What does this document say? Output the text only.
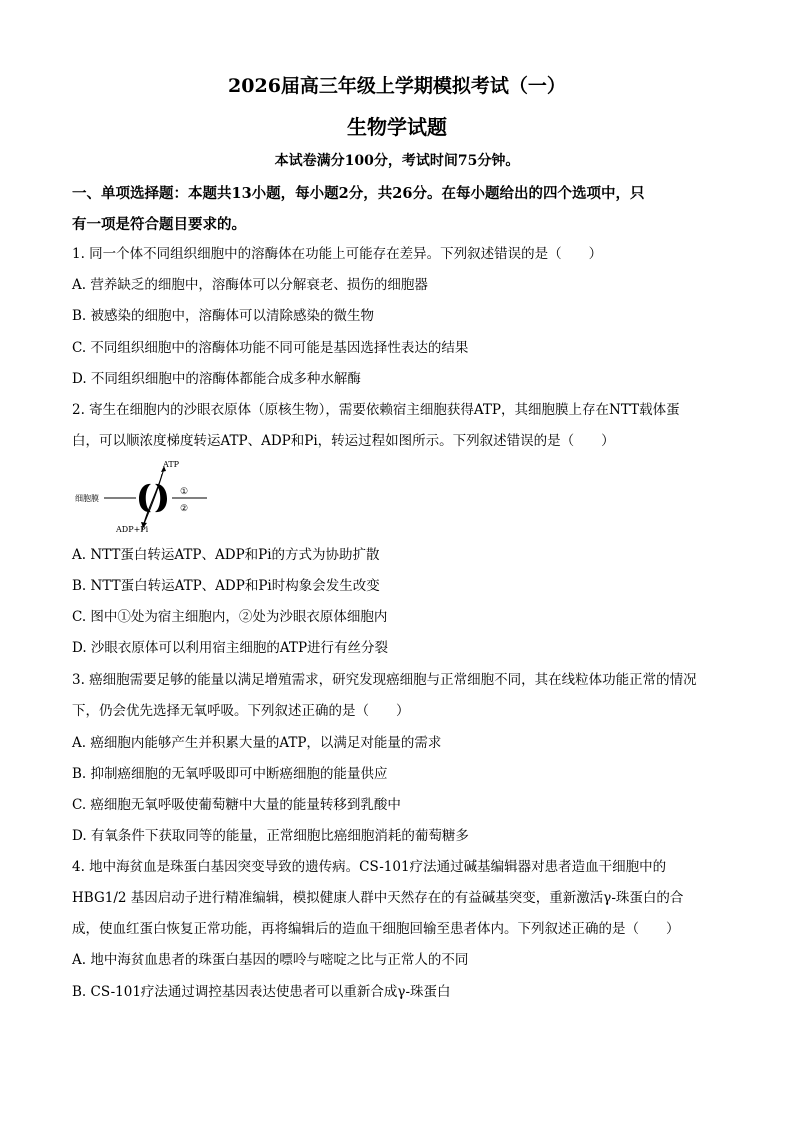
2026届高三年级上学期模拟考试（一）
生物学试题
本试卷满分100分，考试时间75分钟。
一、单项选择题：本题共13小题，每小题2分，共26分。在每小题给出的四个选项中，只
有一项是符合题目要求的。
1. 同一个体不同组织细胞中的溶酶体在功能上可能存在差异。下列叙述错误的是（　　）
A. 营养缺乏的细胞中，溶酶体可以分解衰老、损伤的细胞器
B. 被感染的细胞中，溶酶体可以清除感染的微生物
C. 不同组织细胞中的溶酶体功能不同可能是基因选择性表达的结果
D. 不同组织细胞中的溶酶体都能合成多种水解酶
2. 寄生在细胞内的沙眼衣原体（原核生物），需要依赖宿主细胞获得ATP，其细胞膜上存在NTT载体蛋
白，可以顺浓度梯度转运ATP、ADP和Pi，转运过程如图所示。下列叙述错误的是（　　）
细胞膜
ATP
ADP+Pi
①
②
A. NTT蛋白转运ATP、ADP和Pi的方式为协助扩散
B. NTT蛋白转运ATP、ADP和Pi时构象会发生改变
C. 图中①处为宿主细胞内，②处为沙眼衣原体细胞内
D. 沙眼衣原体可以利用宿主细胞的ATP进行有丝分裂
3. 癌细胞需要足够的能量以满足增殖需求，研究发现癌细胞与正常细胞不同，其在线粒体功能正常的情况
下，仍会优先选择无氧呼吸。下列叙述正确的是（　　）
A. 癌细胞内能够产生并积累大量的ATP，以满足对能量的需求
B. 抑制癌细胞的无氧呼吸即可中断癌细胞的能量供应
C. 癌细胞无氧呼吸使葡萄糖中大量的能量转移到乳酸中
D. 有氧条件下获取同等的能量，正常细胞比癌细胞消耗的葡萄糖多
4. 地中海贫血是珠蛋白基因突变导致的遗传病。CS-101疗法通过碱基编辑器对患者造血干细胞中的
HBG1/2 基因启动子进行精准编辑，模拟健康人群中天然存在的有益碱基突变，重新激活γ-珠蛋白的合
成，使血红蛋白恢复正常功能，再将编辑后的造血干细胞回输至患者体内。下列叙述正确的是（　　）
A. 地中海贫血患者的珠蛋白基因的嘌呤与嘧啶之比与正常人的不同
B. CS-101疗法通过调控基因表达使患者可以重新合成γ-珠蛋白
